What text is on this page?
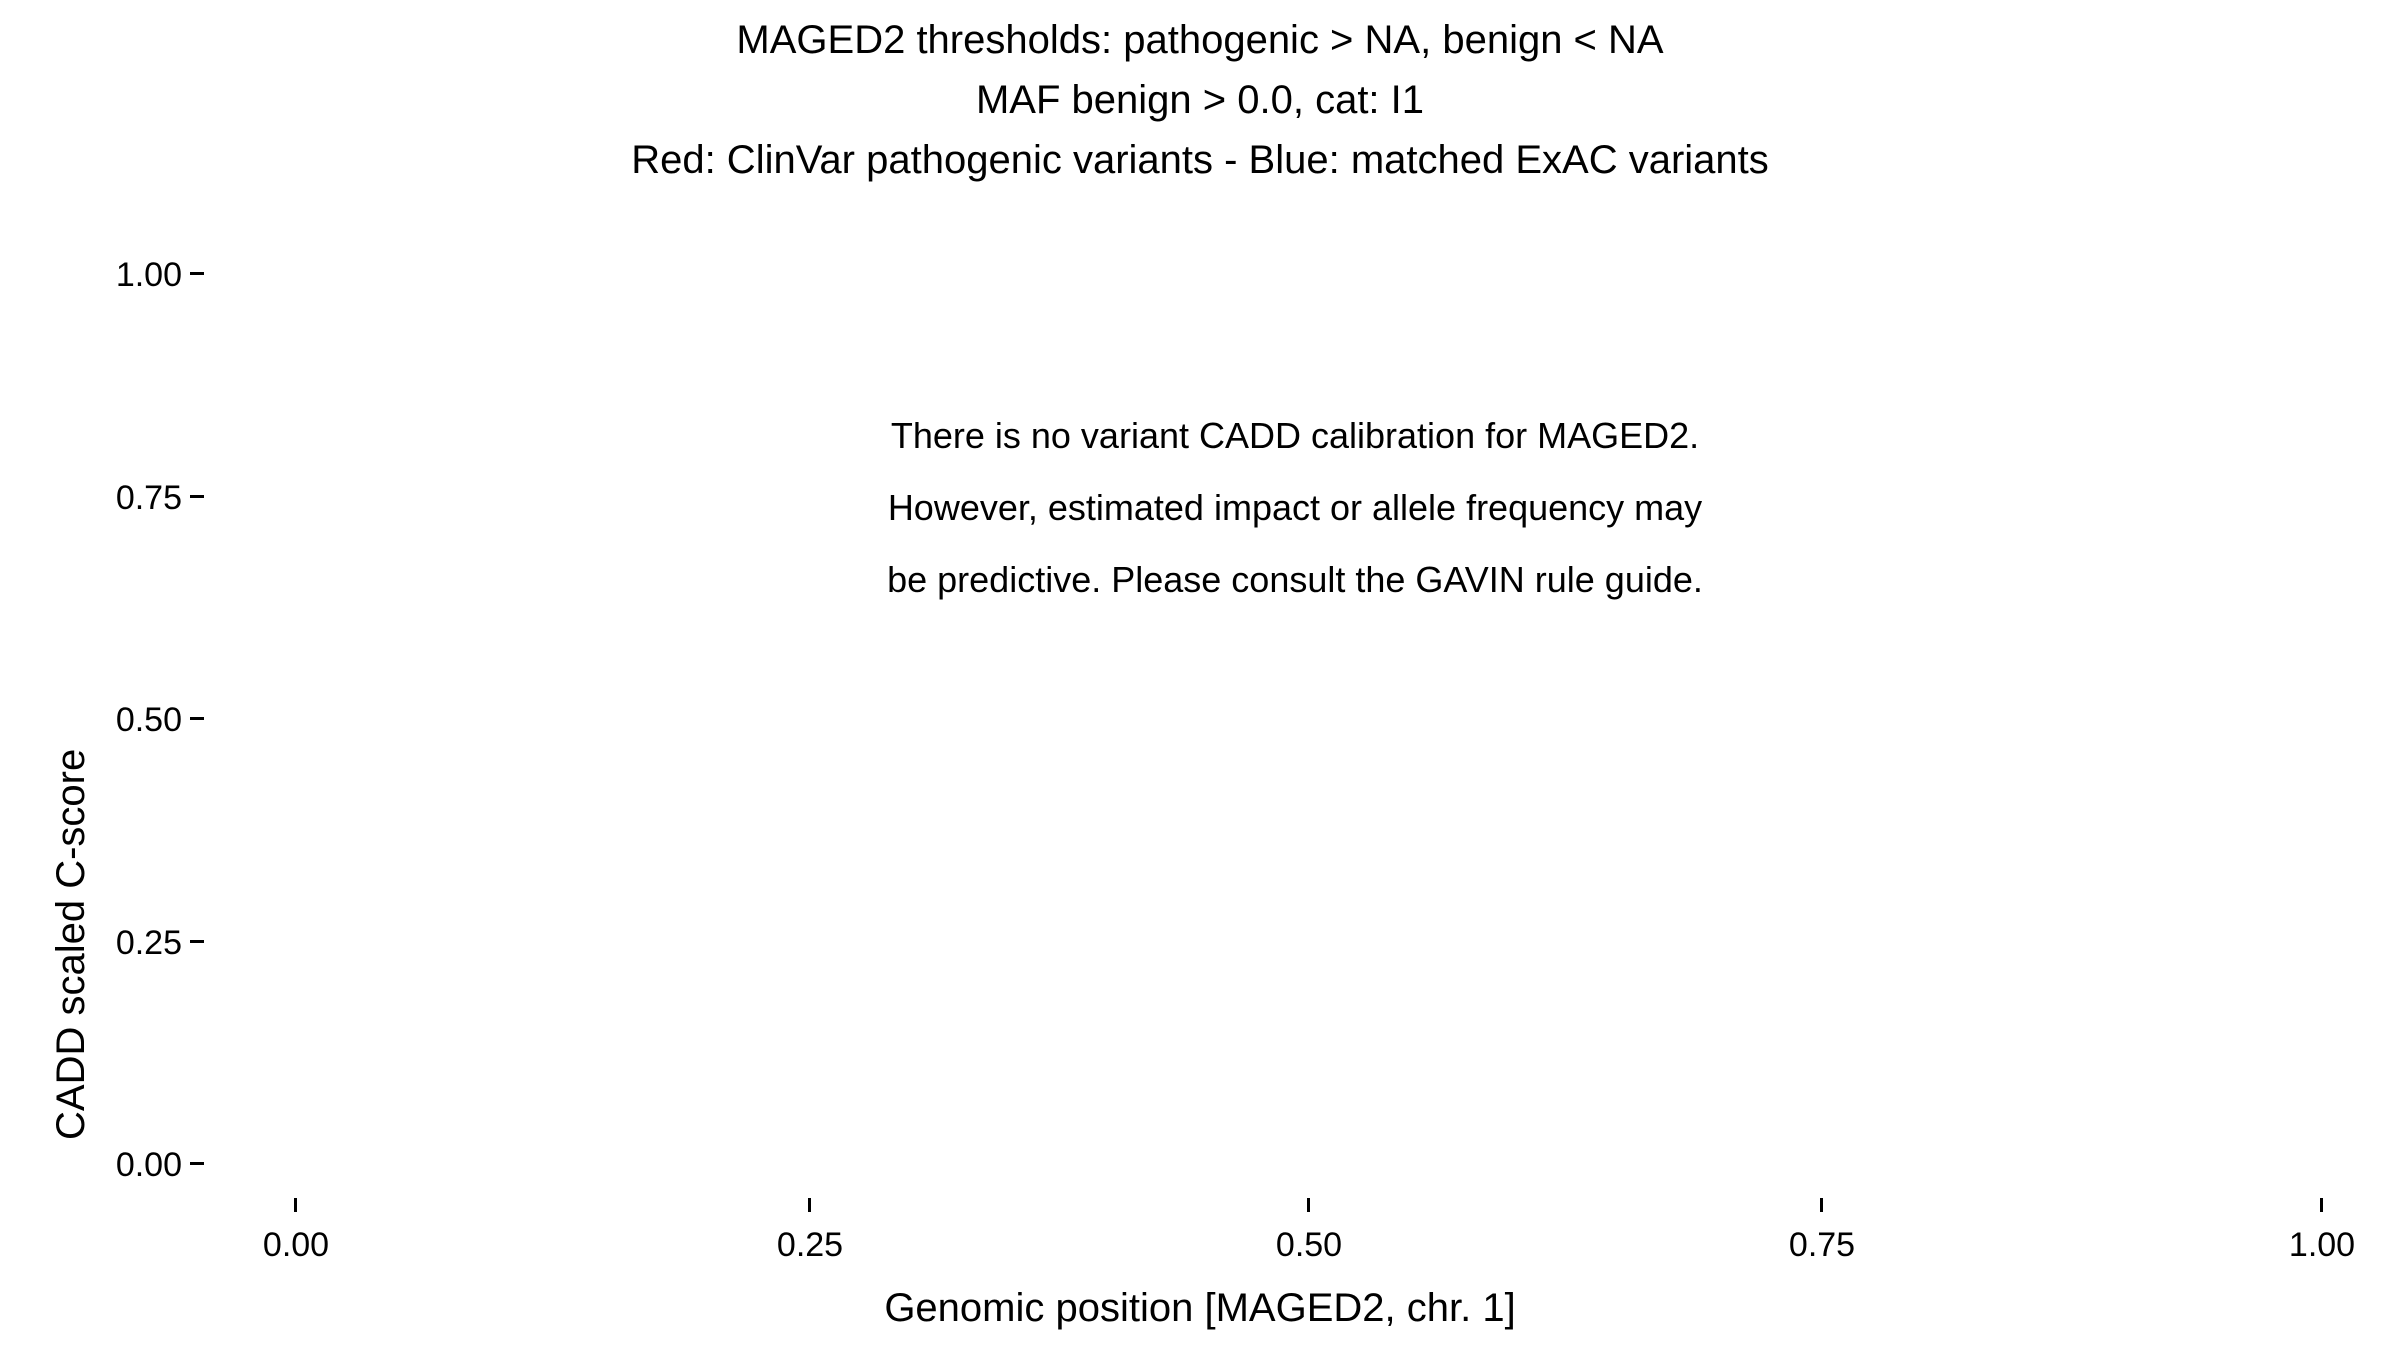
MAGED2 thresholds: pathogenic > NA, benign < NA
MAF benign > 0.0, cat: I1
Red: ClinVar pathogenic variants - Blue: matched ExAC variants
CADD scaled C-score
Genomic position [MAGED2, chr. 1]
1.00
0.75
0.50
0.25
0.00
0.00	0.25	0.50	0.75	1.00
There is no variant CADD calibration for MAGED2.
However, estimated impact or allele frequency may
be predictive. Please consult the GAVIN rule guide.
